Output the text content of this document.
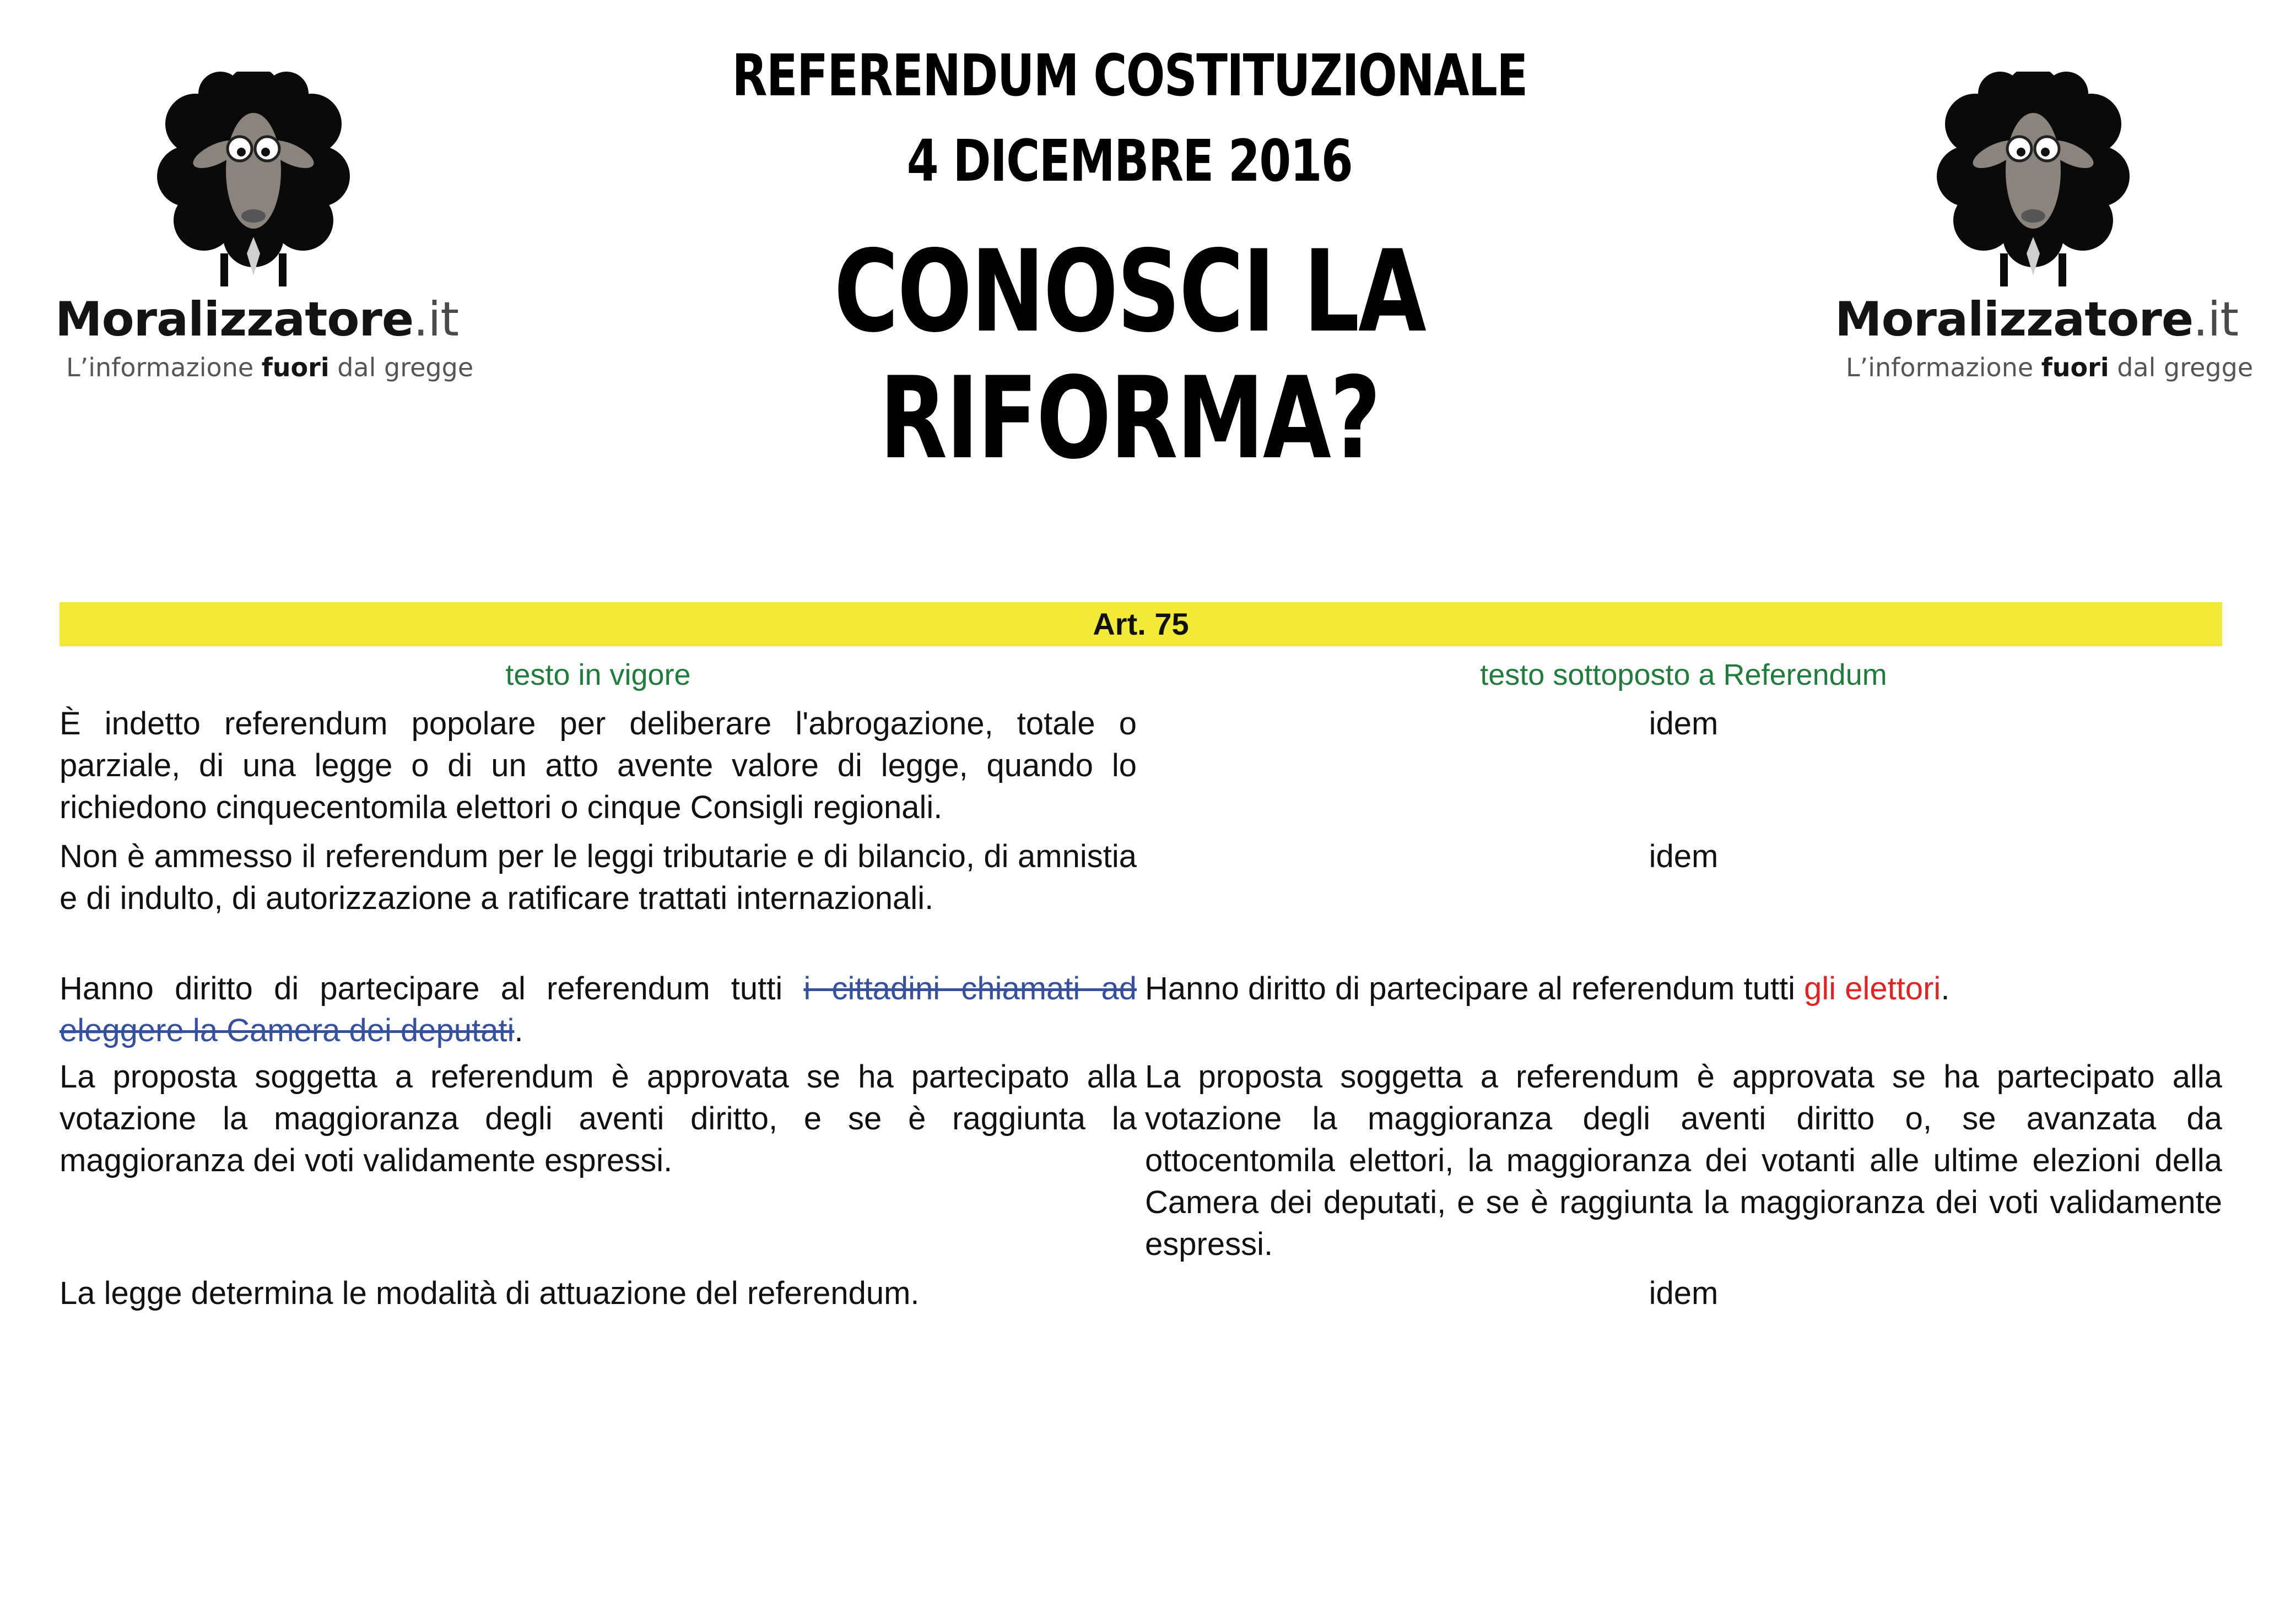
Moralizzatore.it
L’informazione fuori dal gregge
REFERENDUM COSTITUZIONALE
4 DICEMBRE 2016
CONOSCI LA RIFORMA?
Moralizzatore.it
L’informazione fuori dal gregge
Art. 75
testo in vigore	testo sottoposto a Referendum
È indetto referendum popolare per deliberare l'abrogazione, totale o parziale, di una legge o di un atto avente valore di legge, quando lo richiedono cinquecentomila elettori o cinque Consigli regionali.
idem
Non è ammesso il referendum per le leggi tributarie e di bilancio, di amnistia e di indulto, di autorizzazione a ratificare trattati internazionali.
idem
Hanno diritto di partecipare al referendum tutti i cittadini chiamati ad eleggere la Camera dei deputati.
Hanno diritto di partecipare al referendum tutti gli elettori.
La proposta soggetta a referendum è approvata se ha partecipato alla votazione la maggioranza degli aventi diritto, e se è raggiunta la maggioranza dei voti validamente espressi.
La proposta soggetta a referendum è approvata se ha partecipato alla votazione la maggioranza degli aventi diritto o, se avanzata da ottocentomila elettori, la maggioranza dei votanti alle ultime elezioni della Camera dei deputati, e se è raggiunta la maggioranza dei voti validamente espressi.
La legge determina le modalità di attuazione del referendum.	idem
